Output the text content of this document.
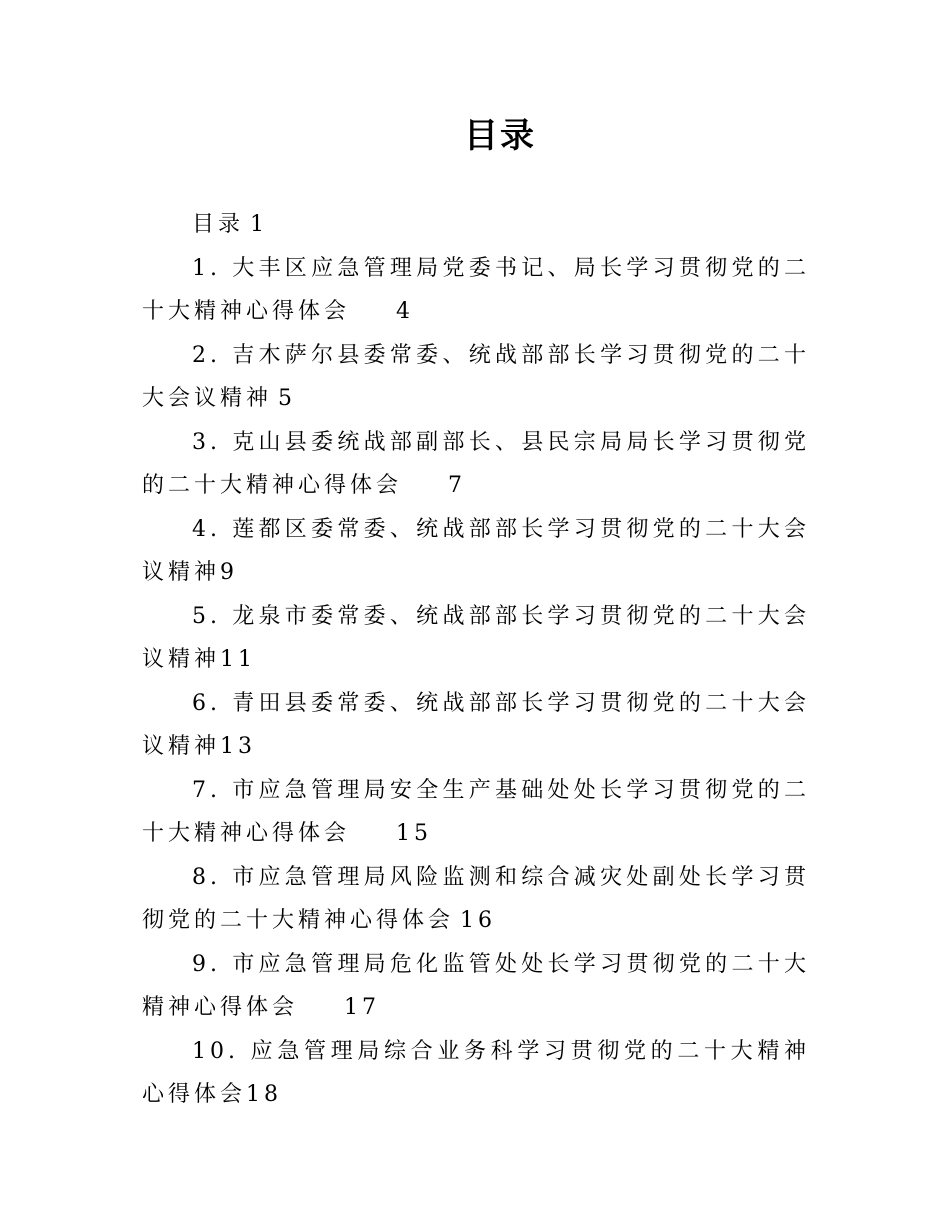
目录

目录 1

1. 大丰区应急管理局党委书记、局长学习贯彻党的二十大精神心得体会 4

2. 吉木萨尔县委常委、统战部部长学习贯彻党的二十大会议精神 5

3. 克山县委统战部副部长、县民宗局局长学习贯彻党的二十大精神心得体会 7

4. 莲都区委常委、统战部部长学习贯彻党的二十大会议精神9

5. 龙泉市委常委、统战部部长学习贯彻党的二十大会议精神11

6. 青田县委常委、统战部部长学习贯彻党的二十大会议精神13

7. 市应急管理局安全生产基础处处长学习贯彻党的二十大精神心得体会 15

8. 市应急管理局风险监测和综合减灾处副处长学习贯彻党的二十大精神心得体会 16

9. 市应急管理局危化监管处处长学习贯彻党的二十大精神心得体会 17

10. 应急管理局综合业务科学习贯彻党的二十大精神心得体会18
